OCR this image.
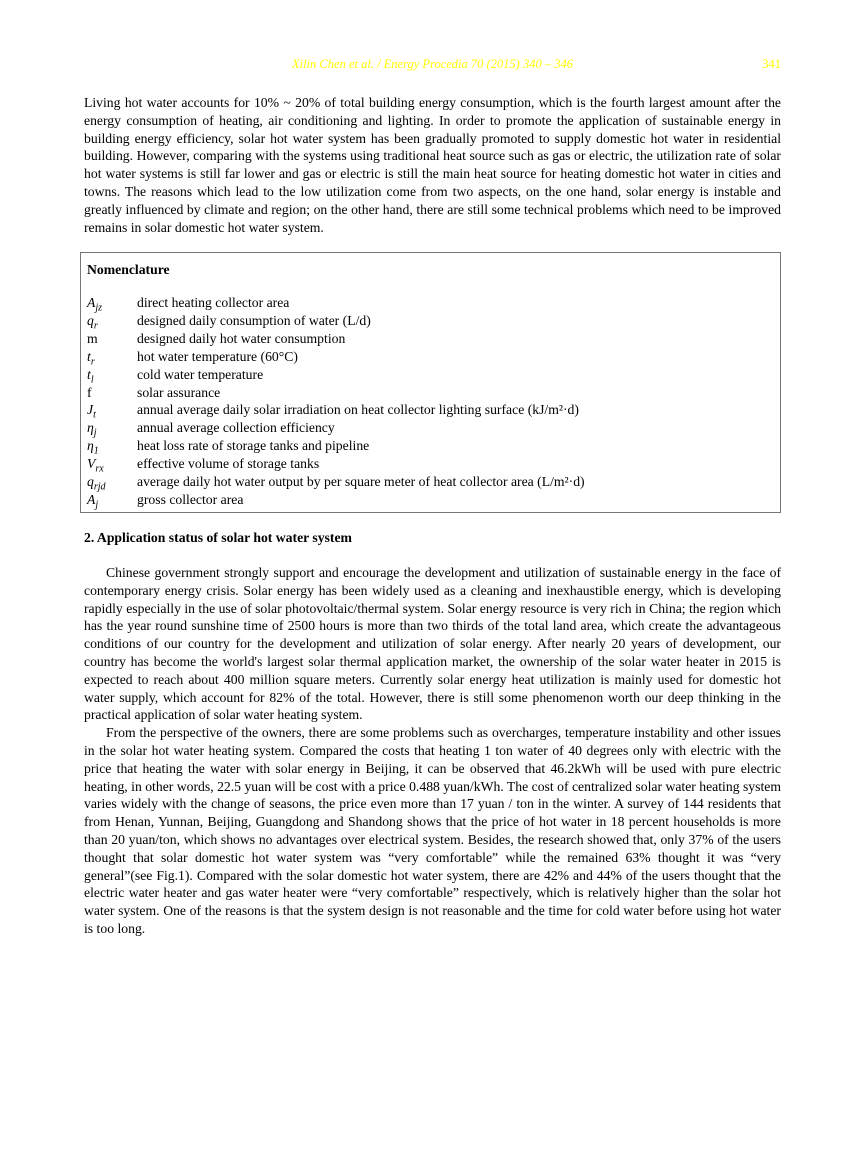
Xilin Chen et al. / Energy Procedia 70 (2015) 340 – 346	341

Living hot water accounts for 10% ~ 20% of total building energy consumption, which is the fourth largest amount after the energy consumption of heating, air conditioning and lighting. In order to promote the application of sustainable energy in building energy efficiency, solar hot water system has been gradually promoted to supply domestic hot water in residential building. However, comparing with the systems using traditional heat source such as gas or electric, the utilization rate of solar hot water systems is still far lower and gas or electric is still the main heat source for heating domestic hot water in cities and towns. The reasons which lead to the low utilization come from two aspects, on the one hand, solar energy is instable and greatly influenced by climate and region; on the other hand, there are still some technical problems which need to be improved remains in solar domestic hot water system.

Nomenclature
$A_{jz}$	direct heating collector area
$q_r$	designed daily consumption of water (L/d)
m	designed daily hot water consumption
$t_r$	hot water temperature (60°C)
$t_l$	cold water temperature
f	solar assurance
$J_t$	annual average daily solar irradiation on heat collector lighting surface (kJ/m²·d)
$\eta_j$	annual average collection efficiency
$\eta_1$	heat loss rate of storage tanks and pipeline
$V_{rx}$	effective volume of storage tanks
$q_{rjd}$	average daily hot water output by per square meter of heat collector area (L/m²·d)
$A_j$	gross collector area
2. Application status of solar hot water system

Chinese government strongly support and encourage the development and utilization of sustainable energy in the face of contemporary energy crisis. Solar energy has been widely used as a cleaning and inexhaustible energy, which is developing rapidly especially in the use of solar photovoltaic/thermal system. Solar energy resource is very rich in China; the region which has the year round sunshine time of 2500 hours is more than two thirds of the total land area, which create the advantageous conditions of our country for the development and utilization of solar energy. After nearly 20 years of development, our country has become the world's largest solar thermal application market, the ownership of the solar water heater in 2015 is expected to reach about 400 million square meters. Currently solar energy heat utilization is mainly used for domestic hot water supply, which account for 82% of the total. However, there is still some phenomenon worth our deep thinking in the practical application of solar water heating system.

From the perspective of the owners, there are some problems such as overcharges, temperature instability and other issues in the solar hot water heating system. Compared the costs that heating 1 ton water of 40 degrees only with electric with the price that heating the water with solar energy in Beijing, it can be observed that 46.2kWh will be used with pure electric heating, in other words, 22.5 yuan will be cost with a price 0.488 yuan/kWh. The cost of centralized solar water heating system varies widely with the change of seasons, the price even more than 17 yuan / ton in the winter. A survey of 144 residents that from Henan, Yunnan, Beijing, Guangdong and Shandong shows that the price of hot water in 18 percent households is more than 20 yuan/ton, which shows no advantages over electrical system. Besides, the research showed that, only 37% of the users thought that solar domestic hot water system was “very comfortable” while the remained 63% thought it was “very general”(see Fig.1). Compared with the solar domestic hot water system, there are 42% and 44% of the users thought that the electric water heater and gas water heater were “very comfortable” respectively, which is relatively higher than the solar hot water system. One of the reasons is that the system design is not reasonable and the time for cold water before using hot water is too long.
